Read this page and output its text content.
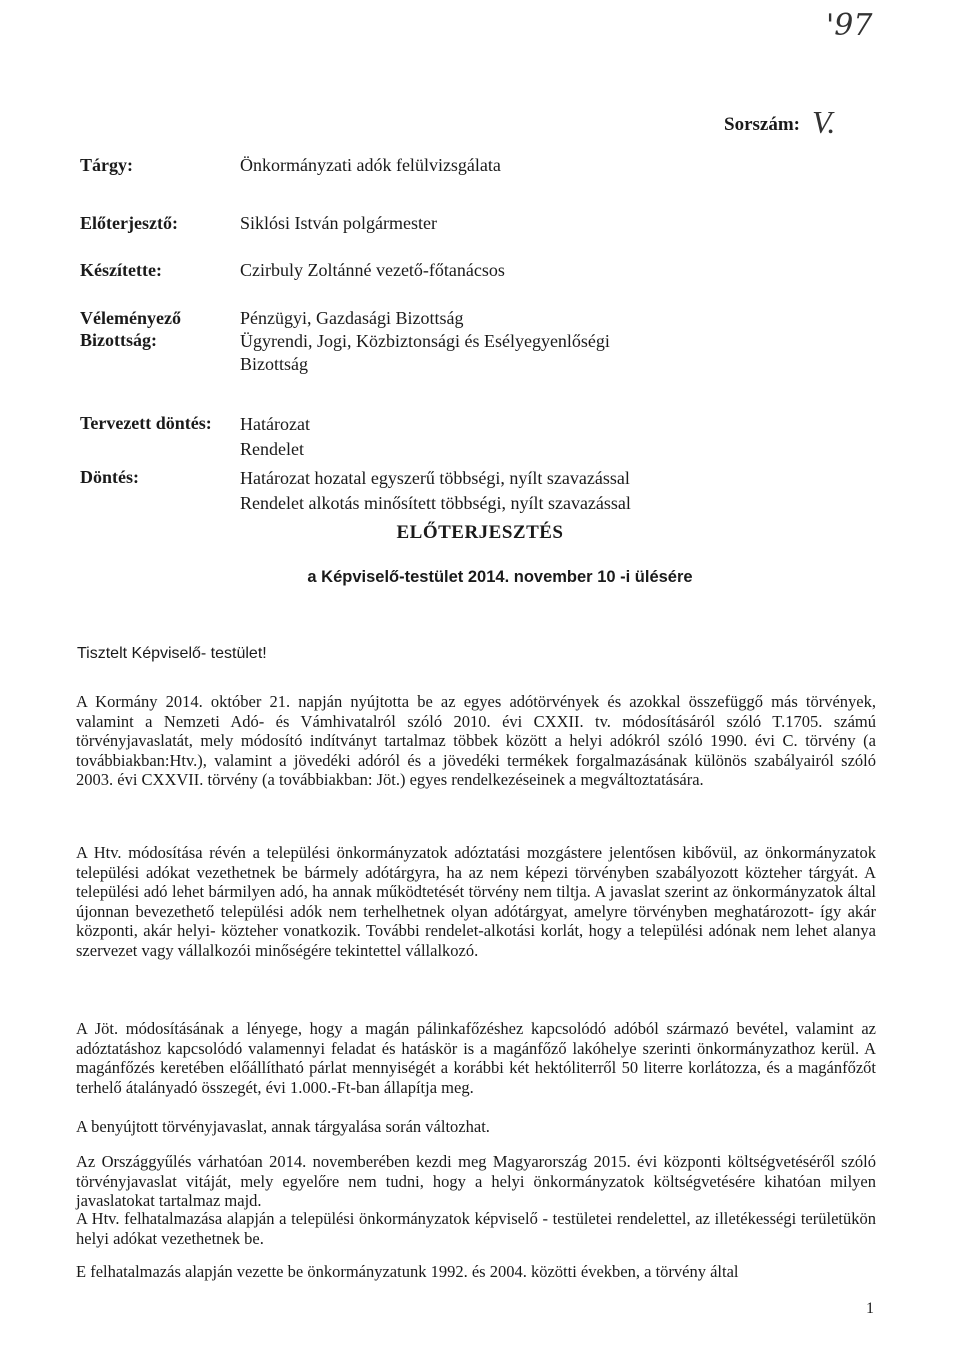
'97
Sorszám: V.
Tárgy:	Önkormányzati adók felülvizsgálata
Előterjesztő:	Siklósi István polgármester
Készítette:	Czirbuly Zoltánné vezető-főtanácsos
Véleményező Bizottság:
Pénzügyi, Gazdasági Bizottság
Ügyrendi, Jogi, Közbiztonsági és Esélyegyenlőségi Bizottság
Tervezett döntés: Határozat
Rendelet
Döntés:	Határozat hozatal egyszerű többségi, nyílt szavazással
Rendelet alkotás minősített többségi, nyílt szavazással
ELŐTERJESZTÉS
a Képviselő-testület 2014. november 10 -i ülésére
Tisztelt Képviselő- testület!

A Kormány 2014. október 21. napján nyújtotta be az egyes adótörvények és azokkal összefüggő más törvények, valamint a Nemzeti Adó- és Vámhivatalról szóló 2010. évi CXXII. tv. módosításáról szóló T.1705. számú törvényjavaslatát, mely módosító indítványt tartalmaz többek között a helyi adókról szóló 1990. évi C. törvény (a továbbiakban:Htv.), valamint a jövedéki adóról és a jövedéki termékek forgalmazásának különös szabályairól szóló 2003. évi CXXVII. törvény (a továbbiakban: Jöt.) egyes rendelkezéseinek a megváltoztatására.

A Htv. módosítása révén a települési önkormányzatok adóztatási mozgástere jelentősen kibővül, az önkormányzatok települési adókat vezethetnek be bármely adótárgyra, ha az nem képezi törvényben szabályozott közteher tárgyát. A települési adó lehet bármilyen adó, ha annak működtetését törvény nem tiltja. A javaslat szerint az önkormányzatok által újonnan bevezethető települési adók nem terhelhetnek olyan adótárgyat, amelyre törvényben meghatározott- így akár központi, akár helyi- közteher vonatkozik. További rendelet-alkotási korlát, hogy a települési adónak nem lehet alanya szervezet vagy vállalkozói minőségére tekintettel vállalkozó.

A Jöt. módosításának a lényege, hogy a magán pálinkafőzéshez kapcsolódó adóból származó bevétel, valamint az adóztatáshoz kapcsolódó valamennyi feladat és hatáskör is a magánfőző lakóhelye szerinti önkormányzathoz kerül. A magánfőzés keretében előállítható párlat mennyiségét a korábbi két hektóliterről 50 literre korlátozza, és a magánfőzőt terhelő átalányadó összegét, évi 1.000.-Ft-ban állapítja meg.

A benyújtott törvényjavaslat, annak tárgyalása során változhat.

Az Országgyűlés várhatóan 2014. novemberében kezdi meg Magyarország 2015. évi központi költségvetéséről szóló törvényjavaslat vitáját, mely egyelőre nem tudni, hogy a helyi önkormányzatok költségvetésére kihatóan milyen javaslatokat tartalmaz majd.

A Htv. felhatalmazása alapján a települési önkormányzatok képviselő - testületei rendelettel, az illetékességi területükön helyi adókat vezethetnek be.

E felhatalmazás alapján vezette be önkormányzatunk 1992. és 2004. közötti években, a törvény által

1
